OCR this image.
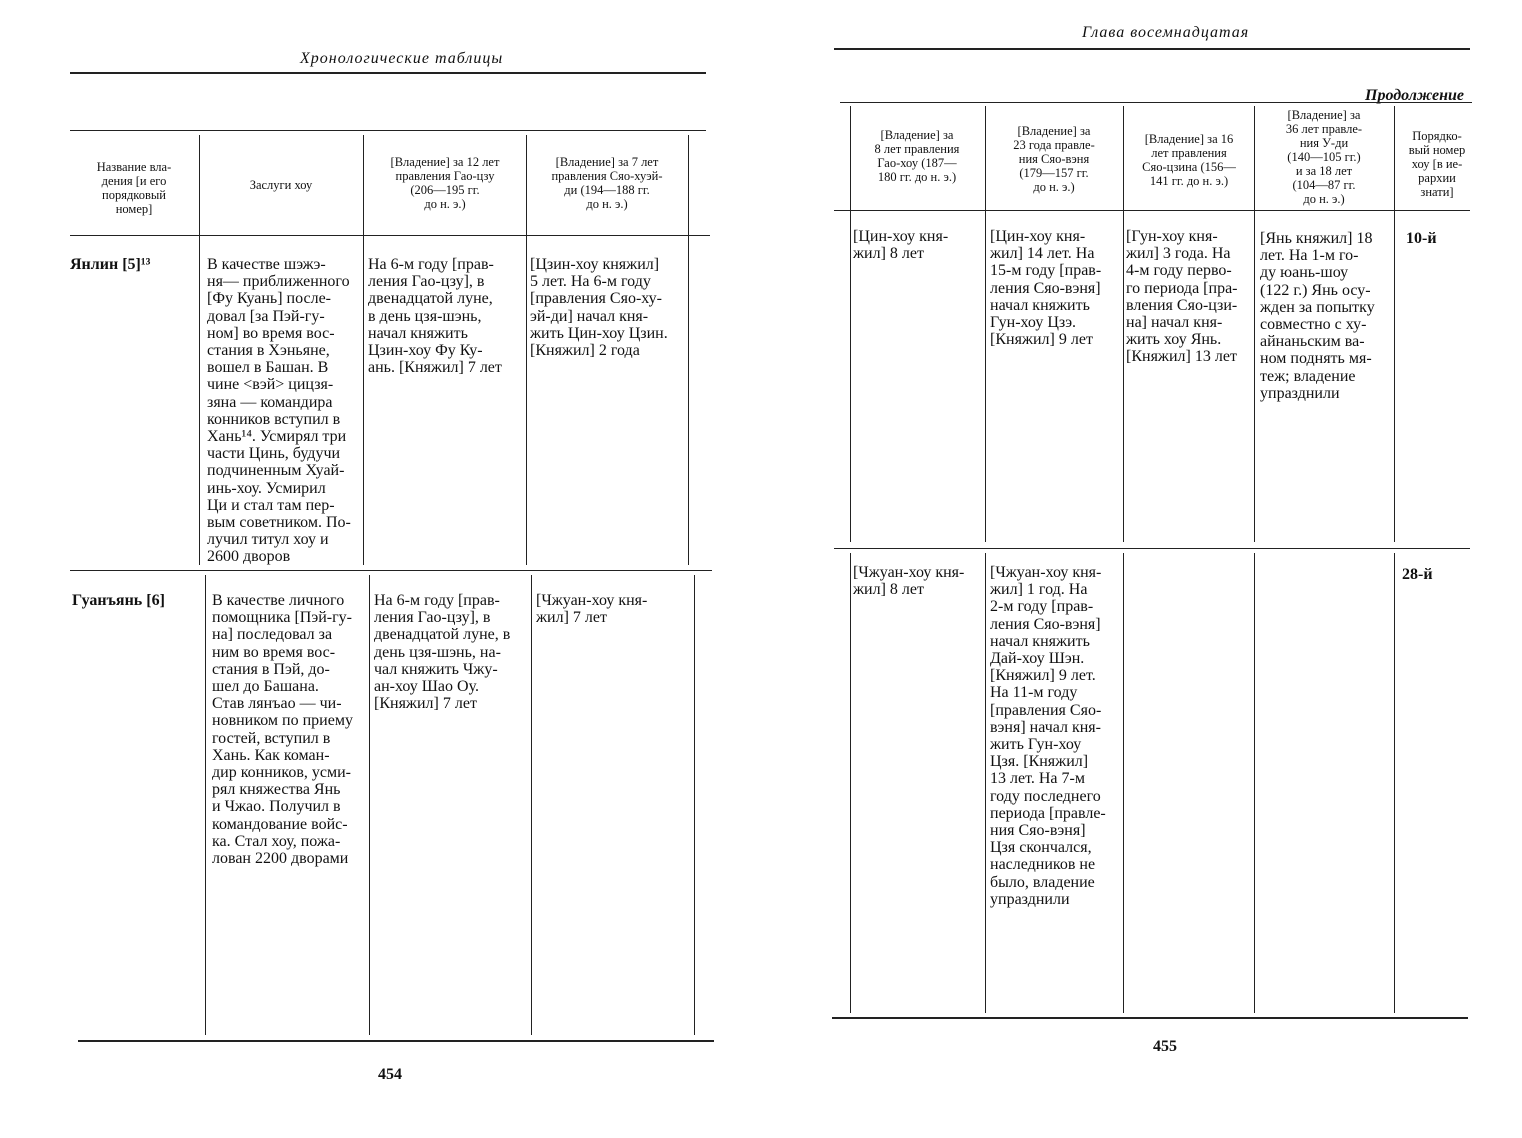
Хронологические таблицы
Название вла-
дения [и его
порядковый
номер]
Заслуги хоу
[Владение] за 12 лет
правления Гао-цзу
(206—195 гг.
до н. э.)
[Владение] за 7 лет
правления Сяо-хуэй-
ди (194—188 гг.
до н. э.)
Янлин [5]¹³	В качестве шэжэ-
ня— приближенного
[Фу Куань] после-
довал [за Пэй-гу-
ном] во время вос-
стания в Хэньяне,
вошел в Башан. В
чине <вэй> цицзя-
зяна — командира
конников вступил в
Хань¹⁴. Усмирял три
части Цинь, будучи
подчиненным Хуай-
инь-хоу. Усмирил
Ци и стал там пер-
вым советником. По-
лучил титул хоу и
2600 дворов
На 6-м году [прав-
ления Гао-цзу], в
двенадцатой луне,
в день цзя-шэнь,
начал княжить
Цзин-хоу Фу Ку-
ань. [Княжил] 7 лет
[Цзин-хоу княжил]
5 лет. На 6-м году
[правления Сяо-ху-
эй-ди] начал кня-
жить Цин-хоу Цзин.
[Княжил] 2 года
Гуанъянь [6]	В качестве личного
помощника [Пэй-гу-
на] последовал за
ним во время вос-
стания в Пэй, до-
шел до Башана.
Став лянъао — чи-
новником по приему
гостей, вступил в
Хань. Как коман-
дир конников, усми-
рял княжества Янь
и Чжао. Получил в
командование войс-
ка. Стал хоу, пожа-
лован 2200 дворами
На 6-м году [прав-
ления Гао-цзу], в
двенадцатой луне, в
день цзя-шэнь, на-
чал княжить Чжу-
ан-хоу Шао Оу.
[Княжил] 7 лет
[Чжуан-хоу кня-
жил] 7 лет
454
Глава восемнадцатая
Продолжение
[Владение] за
8 лет правления
Гао-хоу (187—
180 гг. до н. э.)
[Владение] за
23 года правле-
ния Сяо-вэня
(179—157 гг.
до н. э.)
[Владение] за 16
лет правления
Сяо-цзина (156—
141 гг. до н. э.)
[Владение] за
36 лет правле-
ния У-ди
(140—105 гг.)
и за 18 лет
(104—87 гг.
до н. э.)
Порядко-
вый номер
хоу [в ие-
рархии
знати]
[Цин-хоу кня-
жил] 8 лет
[Цин-хоу кня-
жил] 14 лет. На
15-м году [прав-
ления Сяо-вэня]
начал княжить
Гун-хоу Цзэ.
[Княжил] 9 лет
[Гун-хоу кня-
жил] 3 года. На
4-м году перво-
го периода [пра-
вления Сяо-цзи-
на] начал кня-
жить хоу Янь.
[Княжил] 13 лет
[Янь княжил] 18
лет. На 1-м го-
ду юань-шоу
(122 г.) Янь осу-
жден за попытку
совместно с ху-
айнаньским ва-
ном поднять мя-
теж; владение
упразднили
10-й
[Чжуан-хоу кня-
жил] 8 лет
[Чжуан-хоу кня-
жил] 1 год. На
2-м году [прав-
ления Сяо-вэня]
начал княжить
Дай-хоу Шэн.
[Княжил] 9 лет.
На 11-м году
[правления Сяо-
вэня] начал кня-
жить Гун-хоу
Цзя. [Княжил]
13 лет. На 7-м
году последнего
периода [правле-
ния Сяо-вэня]
Цзя скончался,
наследников не
было, владение
упразднили
28-й
455
